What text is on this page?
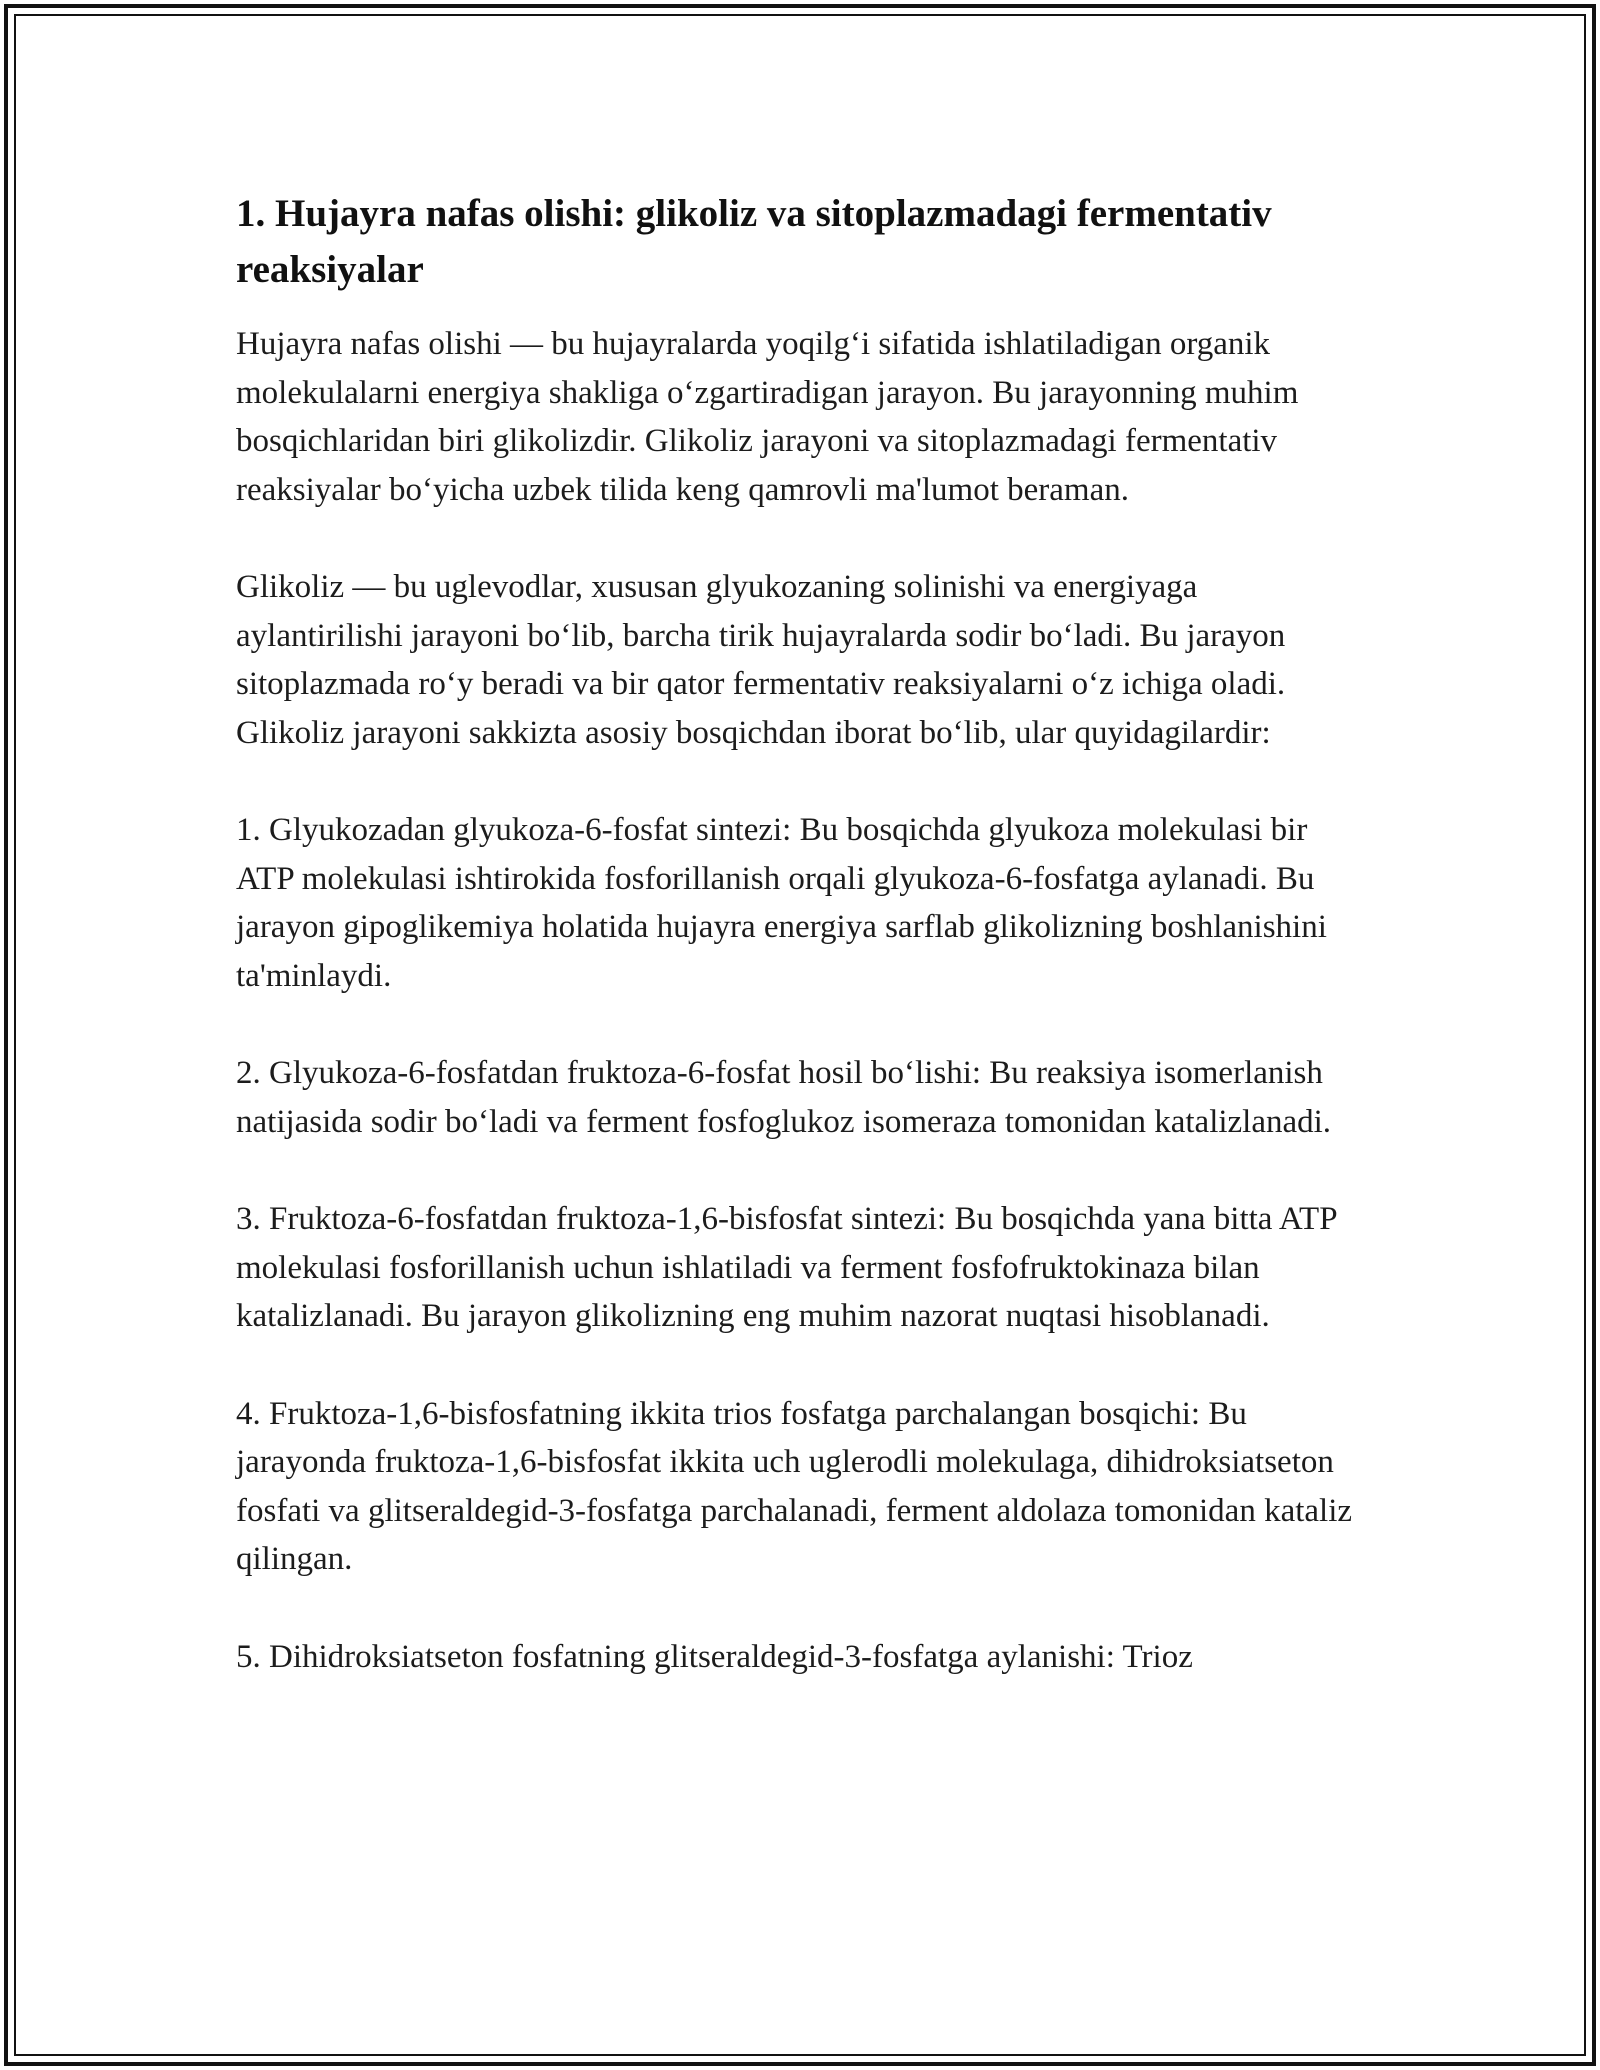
1. Hujayra nafas olishi: glikoliz va sitoplazmadagi fermentativ reaksiyalar

Hujayra nafas olishi — bu hujayralarda yoqilg‘i sifatida ishlatiladigan organik molekulalarni energiya shakliga o‘zgartiradigan jarayon. Bu jarayonning muhim bosqichlaridan biri glikolizdir. Glikoliz jarayoni va sitoplazmadagi fermentativ reaksiyalar bo‘yicha uzbek tilida keng qamrovli ma'lumot beraman.

Glikoliz — bu uglevodlar, xususan glyukozaning solinishi va energiyaga aylantirilishi jarayoni bo‘lib, barcha tirik hujayralarda sodir bo‘ladi. Bu jarayon sitoplazmada ro‘y beradi va bir qator fermentativ reaksiyalarni o‘z ichiga oladi. Glikoliz jarayoni sakkizta asosiy bosqichdan iborat bo‘lib, ular quyidagilardir:

1. Glyukozadan glyukoza-6-fosfat sintezi: Bu bosqichda glyukoza molekulasi bir ATP molekulasi ishtirokida fosforillanish orqali glyukoza-6-fosfatga aylanadi. Bu jarayon gipoglikemiya holatida hujayra energiya sarflab glikolizning boshlanishini ta'minlaydi.

2. Glyukoza-6-fosfatdan fruktoza-6-fosfat hosil bo‘lishi: Bu reaksiya isomerlanish natijasida sodir bo‘ladi va ferment fosfoglukoz isomeraza tomonidan katalizlanadi.

3. Fruktoza-6-fosfatdan fruktoza-1,6-bisfosfat sintezi: Bu bosqichda yana bitta ATP molekulasi fosforillanish uchun ishlatiladi va ferment fosfofruktokinaza bilan katalizlanadi. Bu jarayon glikolizning eng muhim nazorat nuqtasi hisoblanadi.

4. Fruktoza-1,6-bisfosfatning ikkita trios fosfatga parchalangan bosqichi: Bu jarayonda fruktoza-1,6-bisfosfat ikkita uch uglerodli molekulaga, dihidroksiatseton fosfati va glitseraldegid-3-fosfatga parchalanadi, ferment aldolaza tomonidan kataliz qilingan.

5. Dihidroksiatseton fosfatning glitseraldegid-3-fosfatga aylanishi: Trioz
